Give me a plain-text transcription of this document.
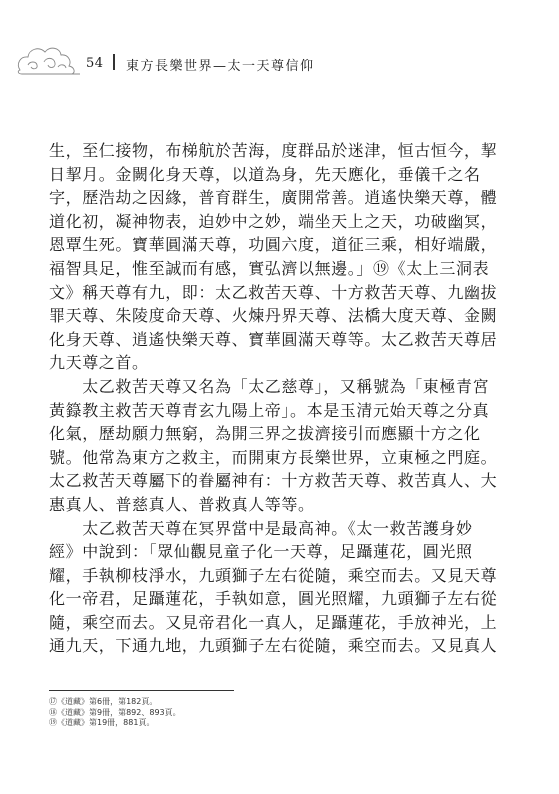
54 東方長樂世界—太一天尊信仰
生，至仁接物，布梯航於苦海，度群品於迷津，恒古恒今，挈
日挈月。金闕化身天尊，以道為身，先天應化，垂儀千之名
字，歷浩劫之因緣，普育群生，廣開常善。逍遙快樂天尊，體
道化初，凝神物表，迫妙中之妙，端坐天上之天，功破幽冥，
恩覃生死。寶華圓滿天尊，功圓六度，道征三乘，相好端嚴，
福智具足，惟至誠而有感，實弘濟以無邊。」⑲《太上三洞表
文》稱天尊有九，即：太乙救苦天尊、十方救苦天尊、九幽拔
罪天尊、朱陵度命天尊、火煉丹界天尊、法橋大度天尊、金闕
化身天尊、逍遙快樂天尊、寶華圓滿天尊等。太乙救苦天尊居
九天尊之首。
　　太乙救苦天尊又名為「太乙慈尊」，又稱號為「東極青宮
黃籙教主救苦天尊青玄九陽上帝」。本是玉清元始天尊之分真
化氣，歷劫願力無窮，為開三界之拔濟接引而應顯十方之化
號。他常為東方之救主，而開東方長樂世界，立東極之門庭。
太乙救苦天尊屬下的眷屬神有：十方救苦天尊、救苦真人、大
惠真人、普慈真人、普救真人等等。
　　太乙救苦天尊在冥界當中是最高神。《太一救苦護身妙
經》中說到：「眾仙觀見童子化一天尊，足躡蓮花，圓光照
耀，手執柳枝淨水，九頭獅子左右從隨，乘空而去。又見天尊
化一帝君，足躡蓮花，手執如意，圓光照耀，九頭獅子左右從
隨，乘空而去。又見帝君化一真人，足躡蓮花，手放神光，上
通九天，下通九地，九頭獅子左右從隨，乘空而去。又見真人
⑰《道藏》第6冊，第182頁。
⑱《道藏》第9冊，第892、893頁。
⑲《道藏》第19冊，881頁。
